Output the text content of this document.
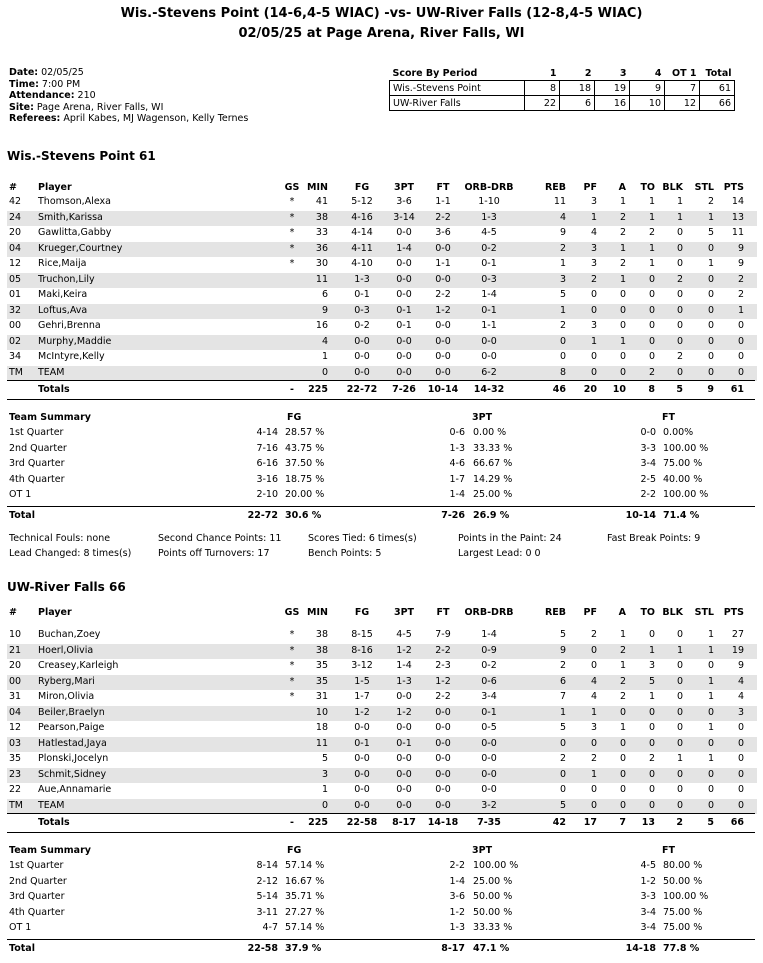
Wis.-Stevens Point (14-6,4-5 WIAC) -vs- UW-River Falls (12-8,4-5 WIAC)
02/05/25 at Page Arena, River Falls, WI
Date: 02/05/25
Time: 7:00 PM
Attendance: 210
Site: Page Arena, River Falls, WI
Referees: April Kabes, MJ Wagenson, Kelly Ternes
Score By Period	1	2	3	4	OT 1	Total
Wis.-Stevens Point	8	18	19	9	7	61
UW-River Falls	22	6	16	10	12	66
Wis.-Stevens Point 61
# Player	GS MIN	FG	3PT FT ORB-DRB	REB PF A TO BLK STL PTS
42 Thomson,Alexa	* 41 5-12 3-6 1-1	1-10	11	3 1 1 1	2 14
24 Smith,Karissa	* 38 4-16 3-14 2-2	1-3	4	1 2 1 1	1 13
20 Gawlitta,Gabby	* 33 4-14 0-0 3-6	4-5	9	4 2 2 0	5 11
04 Krueger,Courtney	* 36 4-11 1-4 0-0	0-2	2	3 1 1 0	0	9
12 Rice,Maija	* 30 4-10 0-0 1-1	0-1	1	3 2 1 0	1	9
05 Truchon,Lily	11	1-3	0-0 0-0	0-3	3	2 1 0 2	0	2
01 Maki,Keira	6	0-1	0-0 2-2	1-4	5	0 0 0 0	0	2
32 Loftus,Ava	9	0-3	0-1 1-2	0-1	1	0 0 0 0	0	1
00 Gehri,Brenna	16	0-2	0-1 0-0	1-1	2	3 0 0 0	0	0
02 Murphy,Maddie	4	0-0	0-0 0-0	0-0	0	1 1 0 0	0	0
34 McIntyre,Kelly	1	0-0	0-0 0-0	0-0	0	0 0 0 2	0	0
TM TEAM	0	0-0	0-0 0-0	6-2	8	0 0 2 0	0	0
Totals	- 225 22-72 7-26 10-14 14-32	46 20 10 8 5	9 61
Team Summary	FG	3PT	FT
1st Quarter	4-14 28.57 %	0-6 0.00 %	0-0 0.00%
2nd Quarter	7-16 43.75 %	1-3 33.33 %	3-3 100.00 %
3rd Quarter	6-16 37.50 %	4-6 66.67 %	3-4 75.00 %
4th Quarter	3-16 18.75 %	1-7 14.29 %	2-5 40.00 %
OT 1	2-10 20.00 %	1-4 25.00 %	2-2 100.00 %
Total	22-72 30.6 %	7-26 26.9 %	10-14 71.4 %
Technical Fouls: none	Second Chance Points: 11	Scores Tied: 6 times(s)	Points in the Paint: 24	Fast Break Points: 9
Lead Changed: 8 times(s)	Points off Turnovers: 17	Bench Points: 5	Largest Lead: 0 0
UW-River Falls 66
# Player	GS MIN	FG	3PT FT ORB-DRB	REB PF A TO BLK STL PTS
10 Buchan,Zoey	* 38 8-15 4-5 7-9	1-4	5	2 1 0 0	1 27
21 Hoerl,Olivia	* 38 8-16 1-2 2-2	0-9	9	0 2 1 1	1 19
20 Creasey,Karleigh	* 35 3-12 1-4 2-3	0-2	2	0 1 3 0	0	9
00 Ryberg,Mari	* 35	1-5	1-3 1-2	0-6	6	4 2 5 0	1	4
31 Miron,Olivia	* 31	1-7	0-0 2-2	3-4	7	4 2 1 0	1	4
04 Beiler,Braelyn	10	1-2	1-2 0-0	0-1	1	1 0 0 0	0	3
12 Pearson,Paige	18	0-0	0-0 0-0	0-5	5	3 1 0 0	1	0
03 Hatlestad,Jaya	11	0-1	0-1 0-0	0-0	0	0 0 0 0	0	0
35 Plonski,Jocelyn	5	0-0	0-0 0-0	0-0	2	2 0 2 1	1	0
23 Schmit,Sidney	3	0-0	0-0 0-0	0-0	0	1 0 0 0	0	0
22 Aue,Annamarie	1	0-0	0-0 0-0	0-0	0	0 0 0 0	0	0
TM TEAM	0	0-0	0-0 0-0	3-2	5	0 0 0 0	0	0
Totals	- 225 22-58 8-17 14-18 7-35	42 17 7 13 2	5 66
Team Summary	FG	3PT	FT
1st Quarter	8-14 57.14 %	2-2 100.00 %	4-5 80.00 %
2nd Quarter	2-12 16.67 %	1-4 25.00 %	1-2 50.00 %
3rd Quarter	5-14 35.71 %	3-6 50.00 %	3-3 100.00 %
4th Quarter	3-11 27.27 %	1-2 50.00 %	3-4 75.00 %
OT 1	4-7 57.14 %	1-3 33.33 %	3-4 75.00 %
Total	22-58 37.9 %	8-17 47.1 %	14-18 77.8 %
